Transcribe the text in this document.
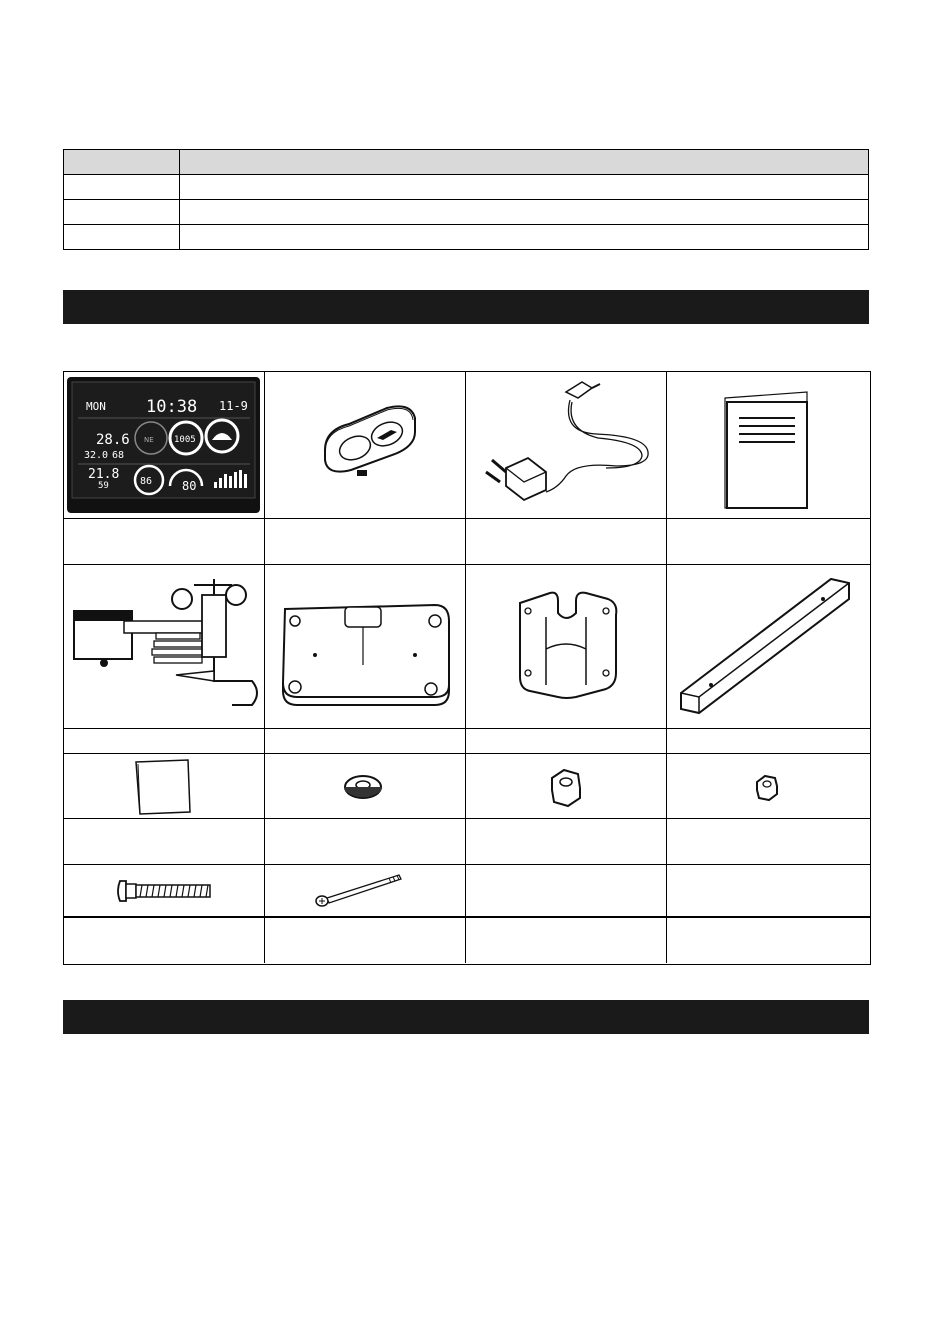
MON 10:38 11-9
28.6
32.0 68
NE 1005
21.8
59	86 80
